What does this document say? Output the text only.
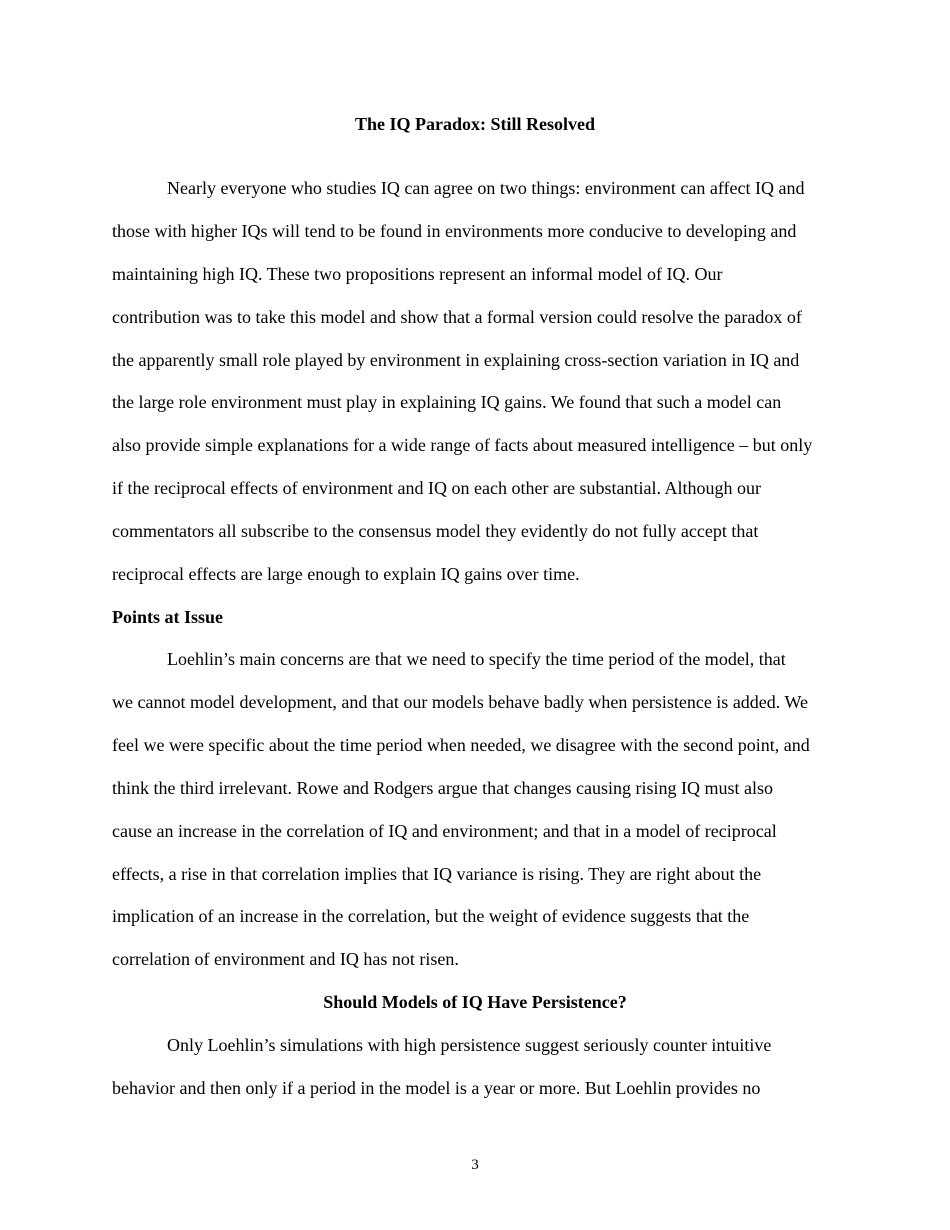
The IQ Paradox: Still Resolved
Nearly everyone who studies IQ can agree on two things: environment can affect IQ and
those with higher IQs will tend to be found in environments more conducive to developing and
maintaining high IQ. These two propositions represent an informal model of IQ. Our
contribution was to take this model and show that a formal version could resolve the paradox of
the apparently small role played by environment in explaining cross-section variation in IQ and
the large role environment must play in explaining IQ gains. We found that such a model can
also provide simple explanations for a wide range of facts about measured intelligence – but only
if the reciprocal effects of environment and IQ on each other are substantial. Although our
commentators all subscribe to the consensus model they evidently do not fully accept that
reciprocal effects are large enough to explain IQ gains over time.
Points at Issue
Loehlin’s main concerns are that we need to specify the time period of the model, that
we cannot model development, and that our models behave badly when persistence is added. We
feel we were specific about the time period when needed, we disagree with the second point, and
think the third irrelevant. Rowe and Rodgers argue that changes causing rising IQ must also
cause an increase in the correlation of IQ and environment; and that in a model of reciprocal
effects, a rise in that correlation implies that IQ variance is rising. They are right about the
implication of an increase in the correlation, but the weight of evidence suggests that the
correlation of environment and IQ has not risen.
Should Models of IQ Have Persistence?
Only Loehlin’s simulations with high persistence suggest seriously counter intuitive
behavior and then only if a period in the model is a year or more. But Loehlin provides no
3
